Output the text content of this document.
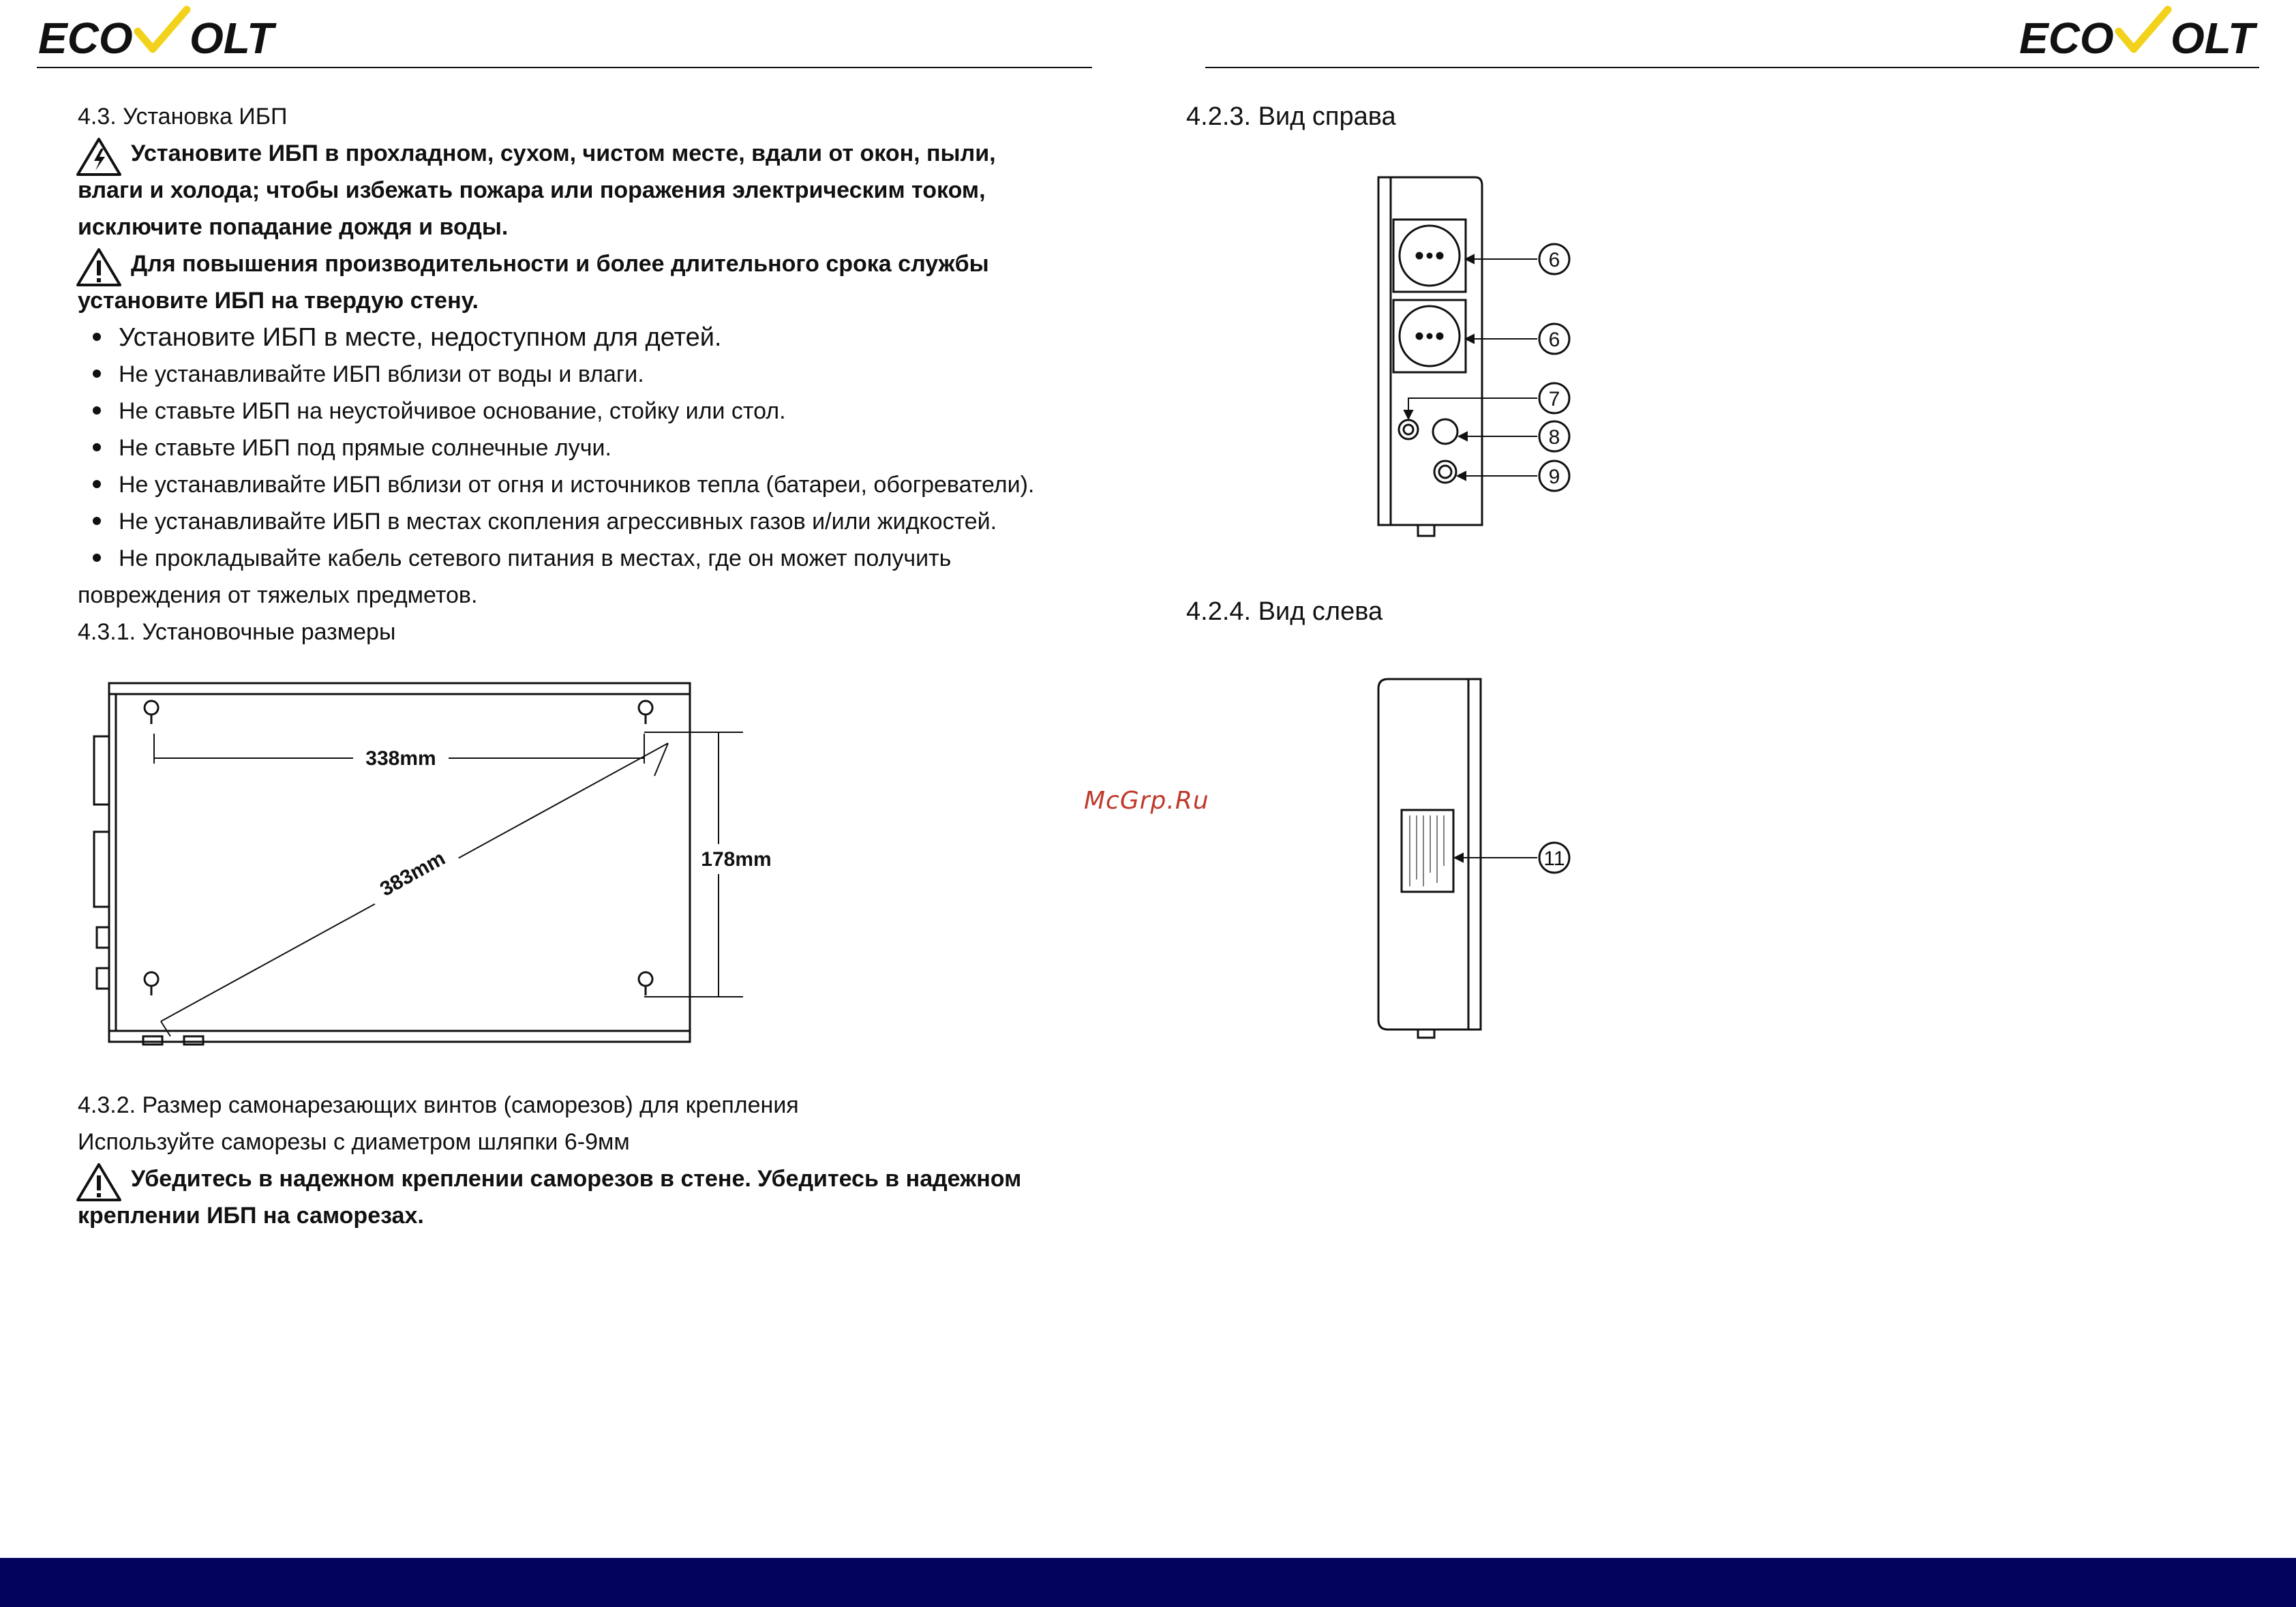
ECO OLT	ECO OLT
4.3. Установка ИБП
Установите ИБП в прохладном, сухом, чистом месте, вдали от окон, пыли,
влаги и холода; чтобы избежать пожара или поражения электрическим током,
исключите попадание дождя и воды.
Для повышения производительности и более длительного срока службы
установите ИБП на твердую стену.
Установите ИБП в месте, недоступном для детей.
Не устанавливайте ИБП вблизи от воды и влаги.
Не ставьте ИБП на неустойчивое основание, стойку или стол.
Не ставьте ИБП под прямые солнечные лучи.
Не устанавливайте ИБП вблизи от огня и источников тепла (батареи, обогреватели).
Не устанавливайте ИБП в местах скопления агрессивных газов и/или жидкостей.
Не прокладывайте кабель сетевого питания в местах, где он может получить
повреждения от тяжелых предметов.
4.3.1. Установочные размеры
338mm
178mm
383mm
4.3.2. Размер самонарезающих винтов (саморезов) для крепления
Используйте саморезы с диаметром шляпки 6-9мм
Убедитесь в надежном креплении саморезов в стене. Убедитесь в надежном
креплении ИБП на саморезах.
4.2.3. Вид справа
6
6
7
8
9
McGrp.Ru
4.2.4. Вид слева
11
